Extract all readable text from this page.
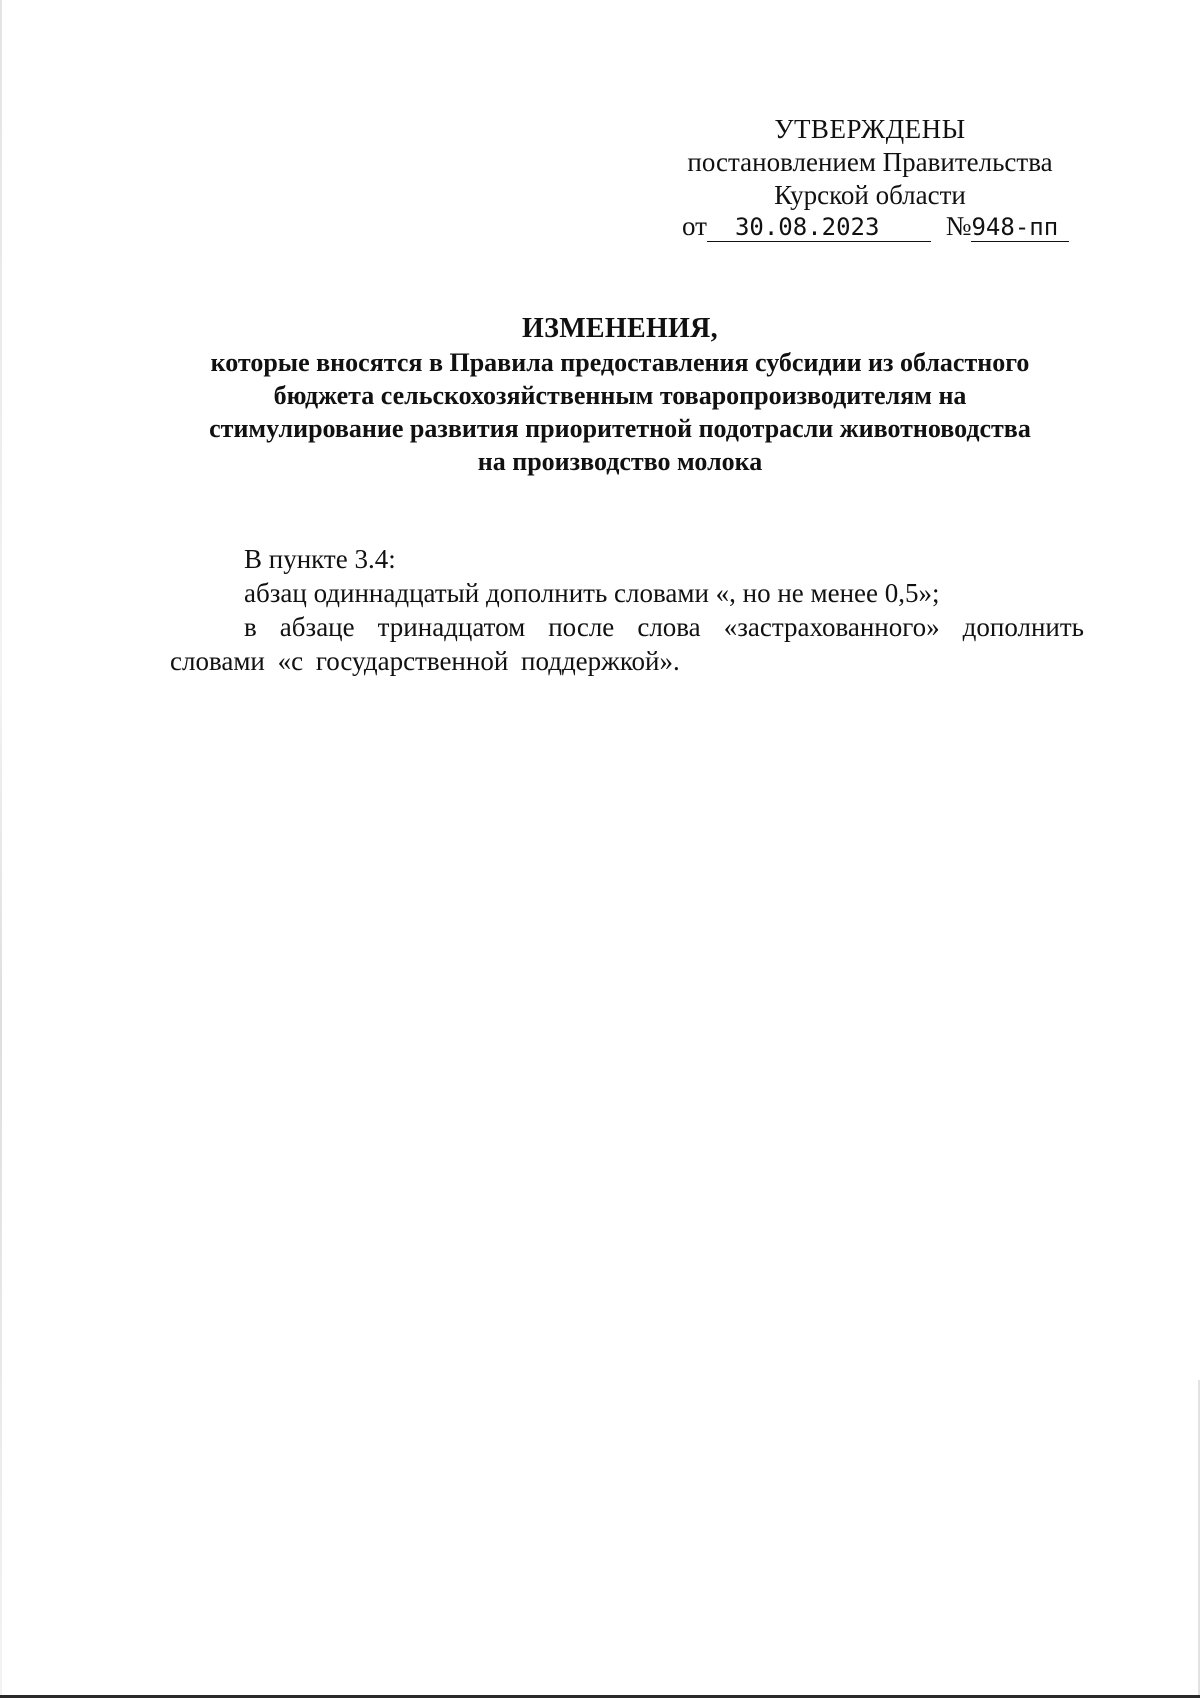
УТВЕРЖДЕНЫ
постановлением Правительства
Курской области
от 30.08.2023 №948-пп
ИЗМЕНЕНИЯ,
которые вносятся в Правила предоставления субсидии из областного
бюджета сельскохозяйственным товаропроизводителям на
стимулирование развития приоритетной подотрасли животноводства
на производство молока

В пункте 3.4:

абзац одиннадцатый дополнить словами «, но не менее 0,5»;

в абзаце тринадцатом после слова «застрахованного» дополнить словами «с государственной поддержкой».
